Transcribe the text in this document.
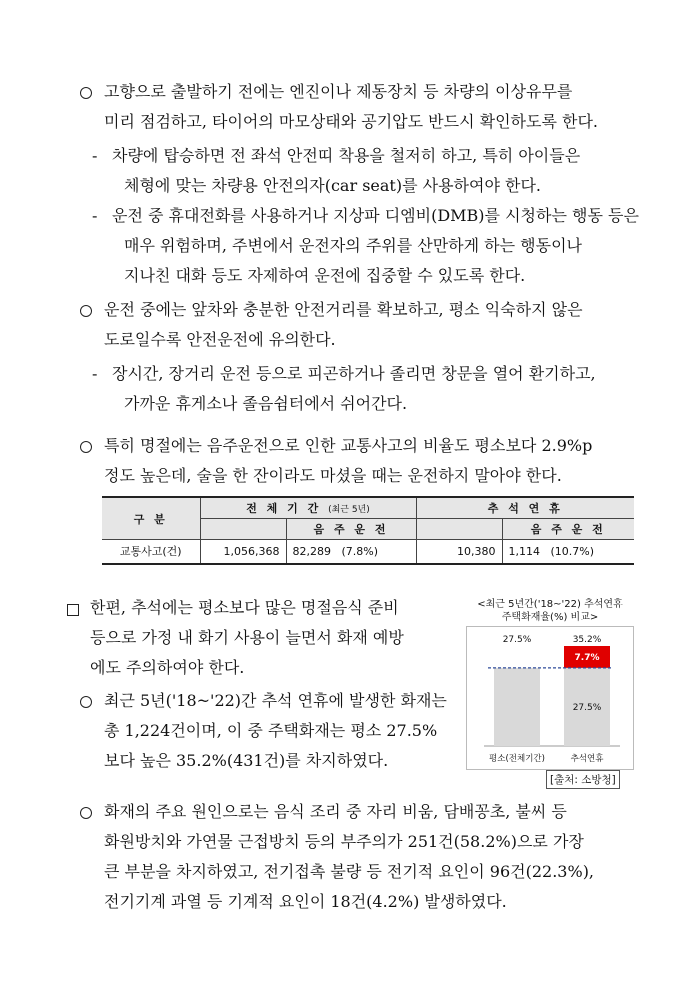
고향으로 출발하기 전에는 엔진이나 제동장치 등 차량의 이상유무를
미리 점검하고, 타이어의 마모상태와 공기압도 반드시 확인하도록 한다.
- 차량에 탑승하면 전 좌석 안전띠 착용을 철저히 하고, 특히 아이들은
체형에 맞는 차량용 안전의자(car seat)를 사용하여야 한다.
- 운전 중 휴대전화를 사용하거나 지상파 디엠비(DMB)를 시청하는 행동 등은
매우 위험하며, 주변에서 운전자의 주위를 산만하게 하는 행동이나
지나친 대화 등도 자제하여 운전에 집중할 수 있도록 한다.
운전 중에는 앞차와 충분한 안전거리를 확보하고, 평소 익숙하지 않은
도로일수록 안전운전에 유의한다.
- 장시간, 장거리 운전 등으로 피곤하거나 졸리면 창문을 열어 환기하고,
가까운 휴게소나 졸음쉼터에서 쉬어간다.
특히 명절에는 음주운전으로 인한 교통사고의 비율도 평소보다 2.9%p
정도 높은데, 술을 한 잔이라도 마셨을 때는 운전하지 말아야 한다.
구 분	전 체 기 간 (최근 5년)		추 석 연 휴	
		음 주 운 전		음 주 운 전
교통사고(건)	1,056,368	82,289 (7.8%)	10,380	1,114 (10.7%)
한편, 추석에는 평소보다 많은 명절음식 준비
등으로 가정 내 화기 사용이 늘면서 화재 예방
에도 주의하여야 한다.
최근 5년('18~'22)간 추석 연휴에 발생한 화재는
총 1,224건이며, 이 중 주택화재는 평소 27.5%
보다 높은 35.2%(431건)를 차지하였다.
<최근 5년간('18~'22) 추석연휴
주택화재율(%) 비교>
27.5%	35.2%
7.7%
27.5%
평소(전체기간)	추석연휴
[출처: 소방청]
화재의 주요 원인으로는 음식 조리 중 자리 비움, 담배꽁초, 불씨 등
화원방치와 가연물 근접방치 등의 부주의가 251건(58.2%)으로 가장
큰 부분을 차지하였고, 전기접촉 불량 등 전기적 요인이 96건(22.3%),
전기기계 과열 등 기계적 요인이 18건(4.2%) 발생하였다.
